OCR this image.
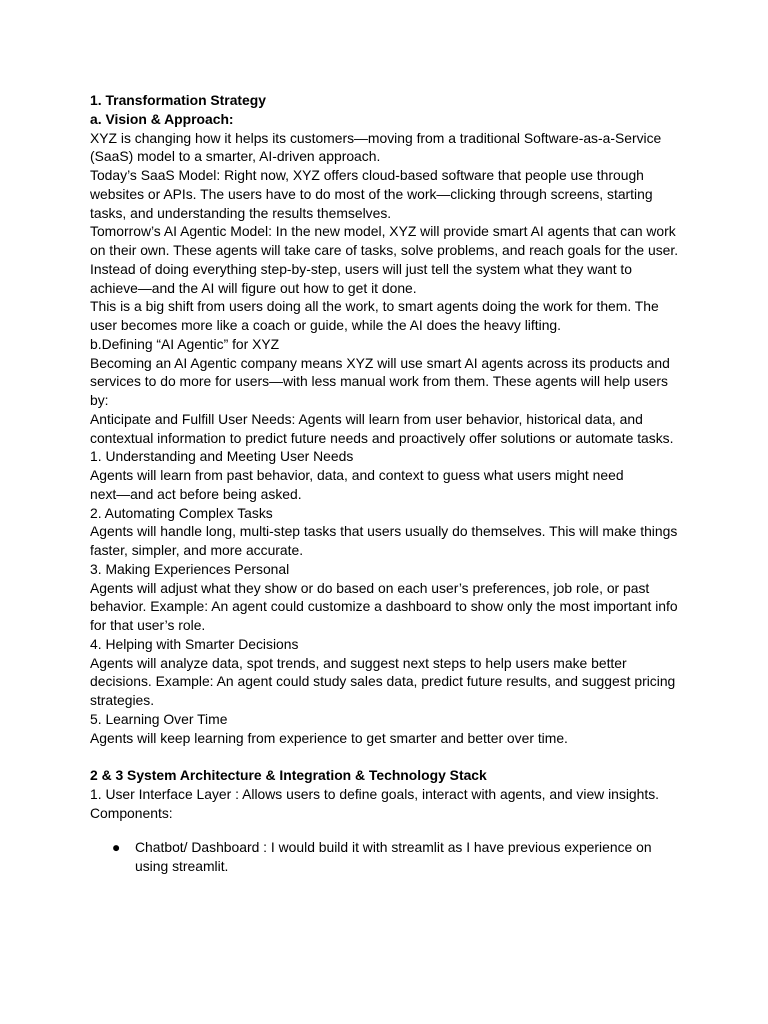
1. Transformation Strategy
a. Vision & Approach:
XYZ is changing how it helps its customers—moving from a traditional Software-as-a-Service
(SaaS) model to a smarter, AI-driven approach.
Today’s SaaS Model: Right now, XYZ offers cloud-based software that people use through
websites or APIs. The users have to do most of the work—clicking through screens, starting
tasks, and understanding the results themselves.
Tomorrow’s AI Agentic Model: In the new model, XYZ will provide smart AI agents that can work
on their own. These agents will take care of tasks, solve problems, and reach goals for the user.
Instead of doing everything step-by-step, users will just tell the system what they want to
achieve—and the AI will figure out how to get it done.
This is a big shift from users doing all the work, to smart agents doing the work for them. The
user becomes more like a coach or guide, while the AI does the heavy lifting.
b.Defining “AI Agentic” for XYZ
Becoming an AI Agentic company means XYZ will use smart AI agents across its products and
services to do more for users—with less manual work from them. These agents will help users
by:
Anticipate and Fulfill User Needs: Agents will learn from user behavior, historical data, and
contextual information to predict future needs and proactively offer solutions or automate tasks.
1. Understanding and Meeting User Needs
Agents will learn from past behavior, data, and context to guess what users might need
next—and act before being asked.
2. Automating Complex Tasks
Agents will handle long, multi-step tasks that users usually do themselves. This will make things
faster, simpler, and more accurate.
3. Making Experiences Personal
Agents will adjust what they show or do based on each user’s preferences, job role, or past
behavior. Example: An agent could customize a dashboard to show only the most important info
for that user’s role.
4. Helping with Smarter Decisions
Agents will analyze data, spot trends, and suggest next steps to help users make better
decisions. Example: An agent could study sales data, predict future results, and suggest pricing
strategies.
5. Learning Over Time
Agents will keep learning from experience to get smarter and better over time.
2 & 3 System Architecture & Integration & Technology Stack
1. User Interface Layer : Allows users to define goals, interact with agents, and view insights.
Components:
● Chatbot/ Dashboard : I would build it with streamlit as I have previous experience on
using streamlit.
